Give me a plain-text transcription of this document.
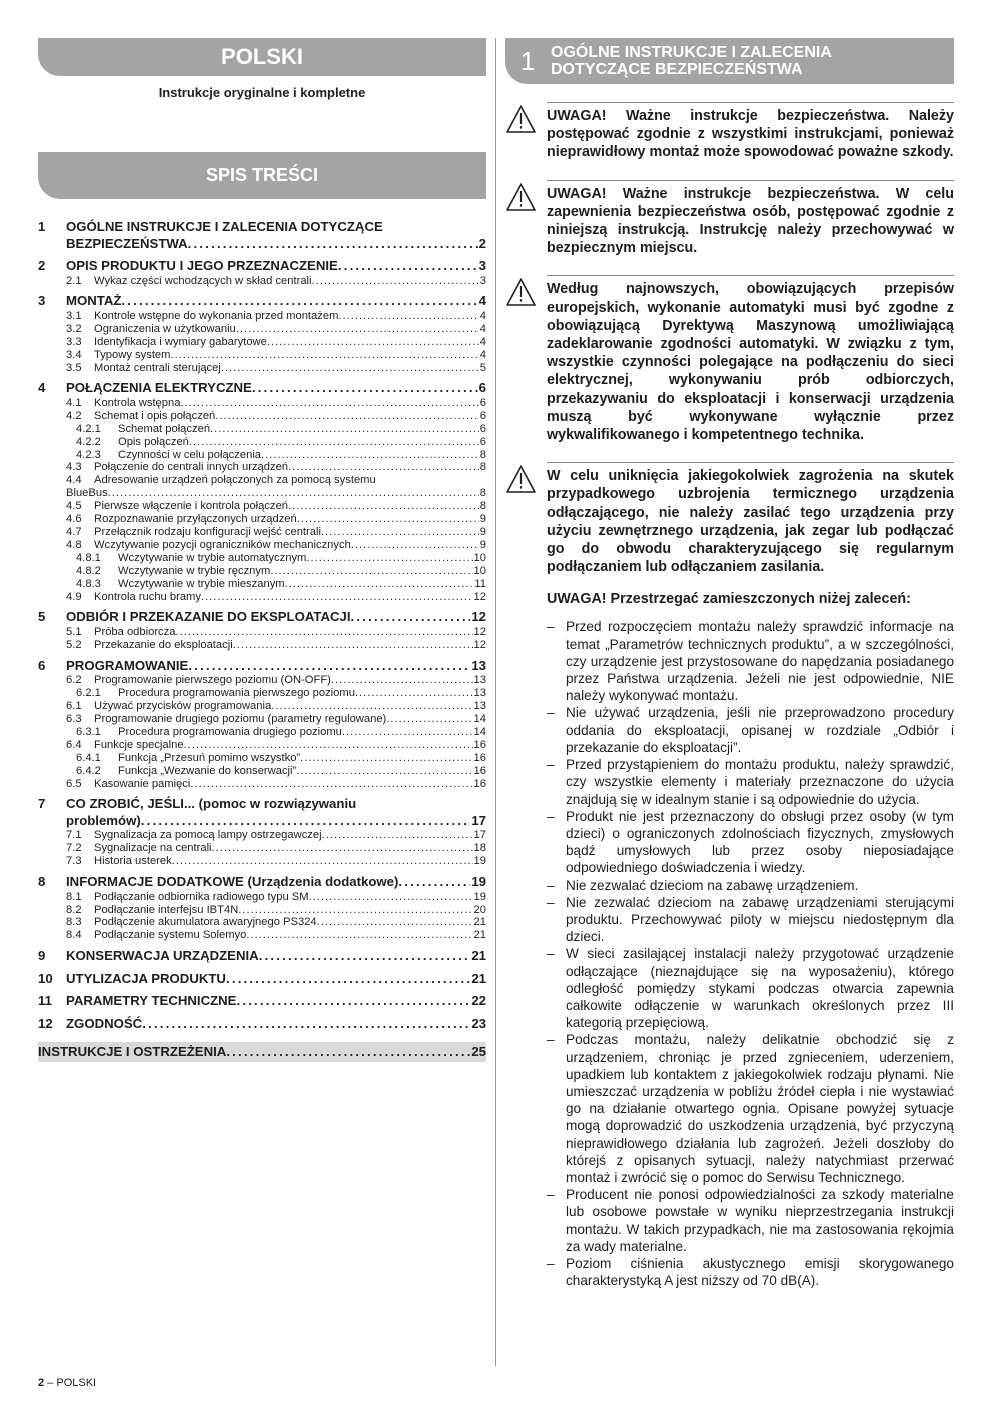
POLSKI
Instrukcje oryginalne i kompletne
SPIS TREŚCI
1	OGÓLNE INSTRUKCJE I ZALECENIA DOTYCZĄCE
BEZPIECZEŃSTWA .....	2
2	OPIS PRODUKTU I JEGO PRZEZNACZENIE .....	3
2.1	Wykaz części wchodzących w skład centrali .....	3
3	MONTAŻ .....	4
3.1	Kontrole wstępne do wykonania przed montażem .....	4
3.2	Ograniczenia w użytkowaniu .....	4
3.3	Identyfikacja i wymiary gabarytowe .....	4
3.4	Typowy system .....	4
3.5	Montaż centrali sterującej .....	5
4	POŁĄCZENIA ELEKTRYCZNE .....	6
4.1	Kontrola wstępna .....	6
4.2	Schemat i opis połączeń .....	6
4.2.1	Schemat połączeń .....	6
4.2.2	Opis połączeń .....	6
4.2.3	Czynności w celu połączenia .....	8
4.3	Połączenie do centrali innych urządzeń .....	8
4.4	Adresowanie urządzeń połączonych za pomocą systemu
BlueBus .....	8
4.5	Pierwsze włączenie i kontrola połączeń .....	8
4.6	Rozpoznawanie przyłączonych urządzeń .....	9
4.7	Przełącznik rodzaju konfiguracji wejść centrali .....	9
4.8	Wczytywanie pozycji ograniczników mechanicznych .....	9
4.8.1	Wczytywanie w trybie automatycznym .....	10
4.8.2	Wczytywanie w trybie ręcznym .....	10
4.8.3	Wczytywanie w trybie mieszanym .....	11
4.9	Kontrola ruchu bramy .....	12
5	ODBIÓR I PRZEKAZANIE DO EKSPLOATACJI .....	12
5.1	Próba odbiorcza .....	12
5.2	Przekazanie do eksploatacji .....	12
6	PROGRAMOWANIE .....	13
6.2	Programowanie pierwszego poziomu (ON-OFF) .....	13
6.2.1	Procedura programowania pierwszego poziomu .....	13
6.1	Używać przycisków programowania .....	13
6.3	Programowanie drugiego poziomu (parametry regulowane) .....	14
6.3.1	Procedura programowania drugiego poziomu .....	14
6.4	Funkcje specjalne .....	16
6.4.1	Funkcja „Przesuń pomimo wszystko” .....	16
6.4.2	Funkcja „Wezwanie do konserwacji” .....	16
6.5	Kasowanie pamięci .....	16
7	CO ZROBIĆ, JEŚLI... (pomoc w rozwiązywaniu
problemów) .....	17
7.1	Sygnalizacja za pomocą lampy ostrzegawczej .....	17
7.2	Sygnalizacje na centrali .....	18
7.3	Historia usterek .....	19
8	INFORMACJE DODATKOWE (Urządzenia dodatkowe) .....	19
8.1	Podłączanie odbiornika radiowego typu SM .....	19
8.2	Podłączanie interfejsu IBT4N .....	20
8.3	Podłączenie akumulatora awaryjnego PS324 .....	21
8.4	Podłączanie systemu Solemyo .....	21
9	KONSERWACJA URZĄDZENIA .....	21
10	UTYLIZACJA PRODUKTU .....	21
11	PARAMETRY TECHNICZNE .....	22
12	ZGODNOŚĆ .....	23
INSTRUKCJE I OSTRZEŻENIA .....	25
1 OGÓLNE INSTRUKCJE I ZALECENIA
DOTYCZĄCE BEZPIECZEŃSTWA
UWAGA! Ważne instrukcje bezpieczeństwa. Należy postępować zgodnie z wszystkimi instrukcjami, ponieważ nieprawidłowy montaż może spowodować poważne szkody.
UWAGA! Ważne instrukcje bezpieczeństwa. W celu zapewnienia bezpieczeństwa osób, postępować zgodnie z niniejszą instrukcją. Instrukcję należy przechowywać w bezpiecznym miejscu.
Według najnowszych, obowiązujących przepisów europejskich, wykonanie automatyki musi być zgodne z obowiązującą Dyrektywą Maszynową umożliwiającą zadeklarowanie zgodności automatyki. W związku z tym, wszystkie czynności polegające na podłączeniu do sieci elektrycznej, wykonywaniu prób odbiorczych, przekazywaniu do eksploatacji i konserwacji urządzenia muszą być wykonywane wyłącznie przez wykwalifikowanego i kompetentnego technika.
W celu uniknięcia jakiegokolwiek zagrożenia na skutek przypadkowego uzbrojenia termicznego urządzenia odłączającego, nie należy zasilać tego urządzenia przy użyciu zewnętrznego urządzenia, jak zegar lub podłączać go do obwodu charakteryzującego się regularnym podłączaniem lub odłączaniem zasilania.
UWAGA! Przestrzegać zamieszczonych niżej zaleceń:
– Przed rozpoczęciem montażu należy sprawdzić informacje na temat „Parametrów technicznych produktu”, a w szczególności, czy urządzenie jest przystosowane do napędzania posiadanego przez Państwa urządzenia. Jeżeli nie jest odpowiednie, NIE należy wykonywać montażu.
– Nie używać urządzenia, jeśli nie przeprowadzono procedury oddania do eksploatacji, opisanej w rozdziale „Odbiór i przekazanie do eksploatacji”.
– Przed przystąpieniem do montażu produktu, należy sprawdzić, czy wszystkie elementy i materiały przeznaczone do użycia znajdują się w idealnym stanie i są odpowiednie do użycia.
– Produkt nie jest przeznaczony do obsługi przez osoby (w tym dzieci) o ograniczonych zdolnościach fizycznych, zmysłowych bądź umysłowych lub przez osoby nieposiadające odpowiedniego doświadczenia i wiedzy.
– Nie zezwalać dzieciom na zabawę urządzeniem.
– Nie zezwalać dzieciom na zabawę urządzeniami sterującymi produktu. Przechowywać piloty w miejscu niedostępnym dla dzieci.
– W sieci zasilającej instalacji należy przygotować urządzenie odłączające (nieznajdujące się na wyposażeniu), którego odległość pomiędzy stykami podczas otwarcia zapewnia całkowite odłączenie w warunkach określonych przez III kategorią przepięciową.
– Podczas montażu, należy delikatnie obchodzić się z urządzeniem, chroniąc je przed zgnieceniem, uderzeniem, upadkiem lub kontaktem z jakiegokolwiek rodzaju płynami. Nie umieszczać urządzenia w pobliżu źródeł ciepła i nie wystawiać go na działanie otwartego ognia. Opisane powyżej sytuacje mogą doprowadzić do uszkodzenia urządzenia, być przyczyną nieprawidłowego działania lub zagrożeń. Jeżeli doszłoby do którejś z opisanych sytuacji, należy natychmiast przerwać montaż i zwrócić się o pomoc do Serwisu Technicznego.
– Producent nie ponosi odpowiedzialności za szkody materialne lub osobowe powstałe w wyniku nieprzestrzegania instrukcji montażu. W takich przypadkach, nie ma zastosowania rękojmia za wady materialne.
– Poziom ciśnienia akustycznego emisji skorygowanego charakterystyką A jest niższy od 70 dB(A).
2 – POLSKI
